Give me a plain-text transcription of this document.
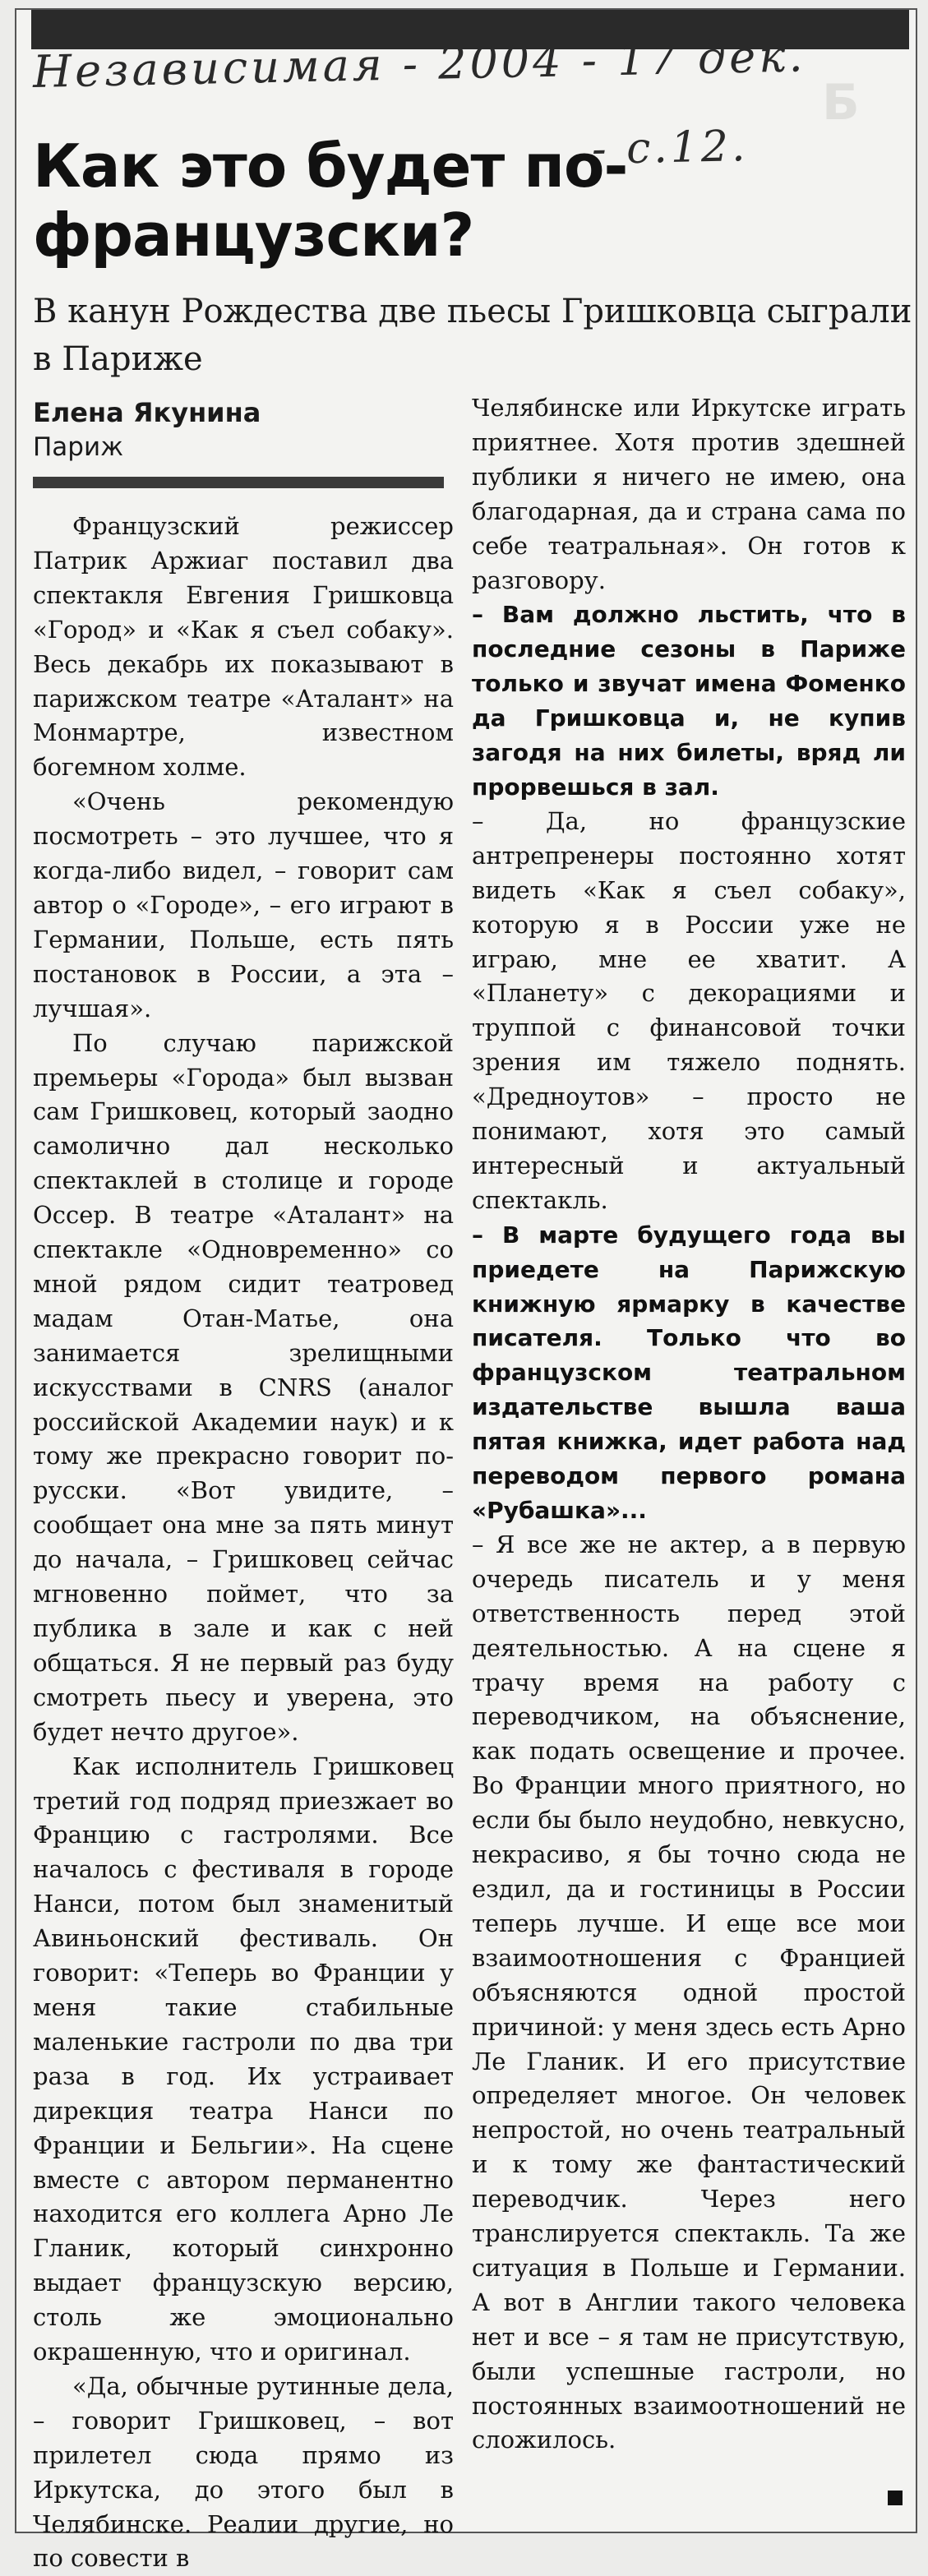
Б
Независимая - 2004 - 17 дек.
- с.12.
Как это будет по-французски?
В канун Рождества две пьесы Гришковца сыграли в Париже
Елена Якунина
Париж

Французский режиссер Патрик Аржиаг поставил два спектакля Евгения Гришковца «Город» и «Как я съел собаку». Весь декабрь их показывают в парижском театре «Аталант» на Монмартре, известном богемном холме.

«Очень рекомендую посмотреть – это лучшее, что я когда-либо видел, – говорит сам автор о «Городе», – его играют в Германии, Польше, есть пять постановок в России, а эта – лучшая».

По случаю парижской премьеры «Города» был вызван сам Гришковец, который заодно самолично дал несколько спектаклей в столице и городе Оссер. В театре «Аталант» на спектакле «Одновременно» со мной рядом сидит театровед мадам Отан-Матье, она занимается зрелищными искусствами в CNRS (аналог российской Академии наук) и к тому же прекрасно говорит по-русски. «Вот увидите, – сообщает она мне за пять минут до начала, – Гришковец сейчас мгновенно поймет, что за публика в зале и как с ней общаться. Я не первый раз буду смотреть пьесу и уверена, это будет нечто другое».

Как исполнитель Гришковец третий год подряд приезжает во Францию с гастролями. Все началось с фестиваля в городе Нанси, потом был знаменитый Авиньонский фестиваль. Он говорит: «Теперь во Франции у меня такие стабильные маленькие гастроли по два три раза в год. Их устраивает дирекция театра Нанси по Франции и Бельгии». На сцене вместе с автором перманентно находится его коллега Арно Ле Гланик, который синхронно выдает французскую версию, столь же эмоционально окрашенную, что и оригинал.

«Да, обычные рутинные дела, – говорит Гришковец, – вот прилетел сюда прямо из Иркутска, до этого был в Челябинске. Реалии другие, но по совести в

Челябинске или Иркутске играть приятнее. Хотя против здешней публики я ничего не имею, она благодарная, да и страна сама по себе театральная». Он готов к разговору.

– Вам должно льстить, что в последние сезоны в Париже только и звучат имена Фоменко да Гришковца и, не купив загодя на них билеты, вряд ли прорвешься в зал.

– Да, но французские антрепренеры постоянно хотят видеть «Как я съел собаку», которую я в России уже не играю, мне ее хватит. А «Планету» с декорациями и труппой с финансовой точки зрения им тяжело поднять. «Дредноутов» – просто не понимают, хотя это самый интересный и актуальный спектакль.

– В марте будущего года вы приедете на Парижскую книжную ярмарку в качестве писателя. Только что во французском театральном издательстве вышла ваша пятая книжка, идет работа над переводом первого романа «Рубашка»...

– Я все же не актер, а в первую очередь писатель и у меня ответственность перед этой деятельностью. А на сцене я трачу время на работу с переводчиком, на объяснение, как подать освещение и прочее. Во Франции много приятного, но если бы было неудобно, невкусно, некрасиво, я бы точно сюда не ездил, да и гостиницы в России теперь лучше. И еще все мои взаимоотношения с Францией объясняются одной простой причиной: у меня здесь есть Арно Ле Гланик. И его присутствие определяет многое. Он человек непростой, но очень театральный и к тому же фантастический переводчик. Через него транслируется спектакль. Та же ситуация в Польше и Германии. А вот в Англии такого человека нет и все – я там не присутствую, были успешные гастроли, но постоянных взаимоотношений не сложилось.
